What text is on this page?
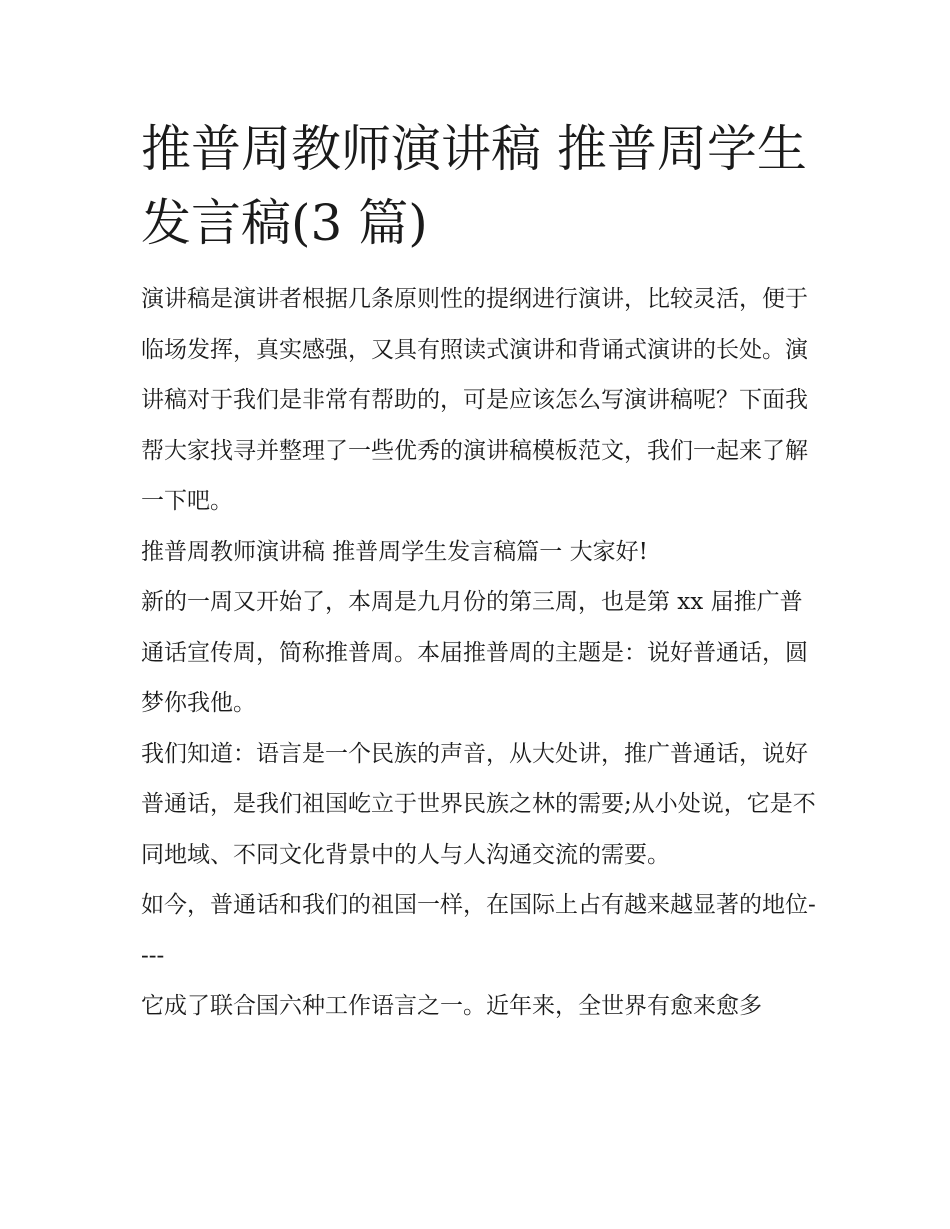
推普周教师演讲稿 推普周学生
发言稿(3 篇)

演讲稿是演讲者根据几条原则性的提纲进行演讲，比较灵活，便于临场发挥，真实感强，又具有照读式演讲和背诵式演讲的长处。演讲稿对于我们是非常有帮助的，可是应该怎么写演讲稿呢？下面我帮大家找寻并整理了一些优秀的演讲稿模板范文，我们一起来了解一下吧。

推普周教师演讲稿 推普周学生发言稿篇一 大家好!

新的一周又开始了，本周是九月份的第三周，也是第 xx 届推广普通话宣传周，简称推普周。本届推普周的主题是：说好普通话，圆梦你我他。

我们知道：语言是一个民族的声音，从大处讲，推广普通话，说好普通话，是我们祖国屹立于世界民族之林的需要;从小处说，它是不同地域、不同文化背景中的人与人沟通交流的需要。

如今，普通话和我们的祖国一样，在国际上占有越来越显著的地位----

它成了联合国六种工作语言之一。近年来，全世界有愈来愈多
